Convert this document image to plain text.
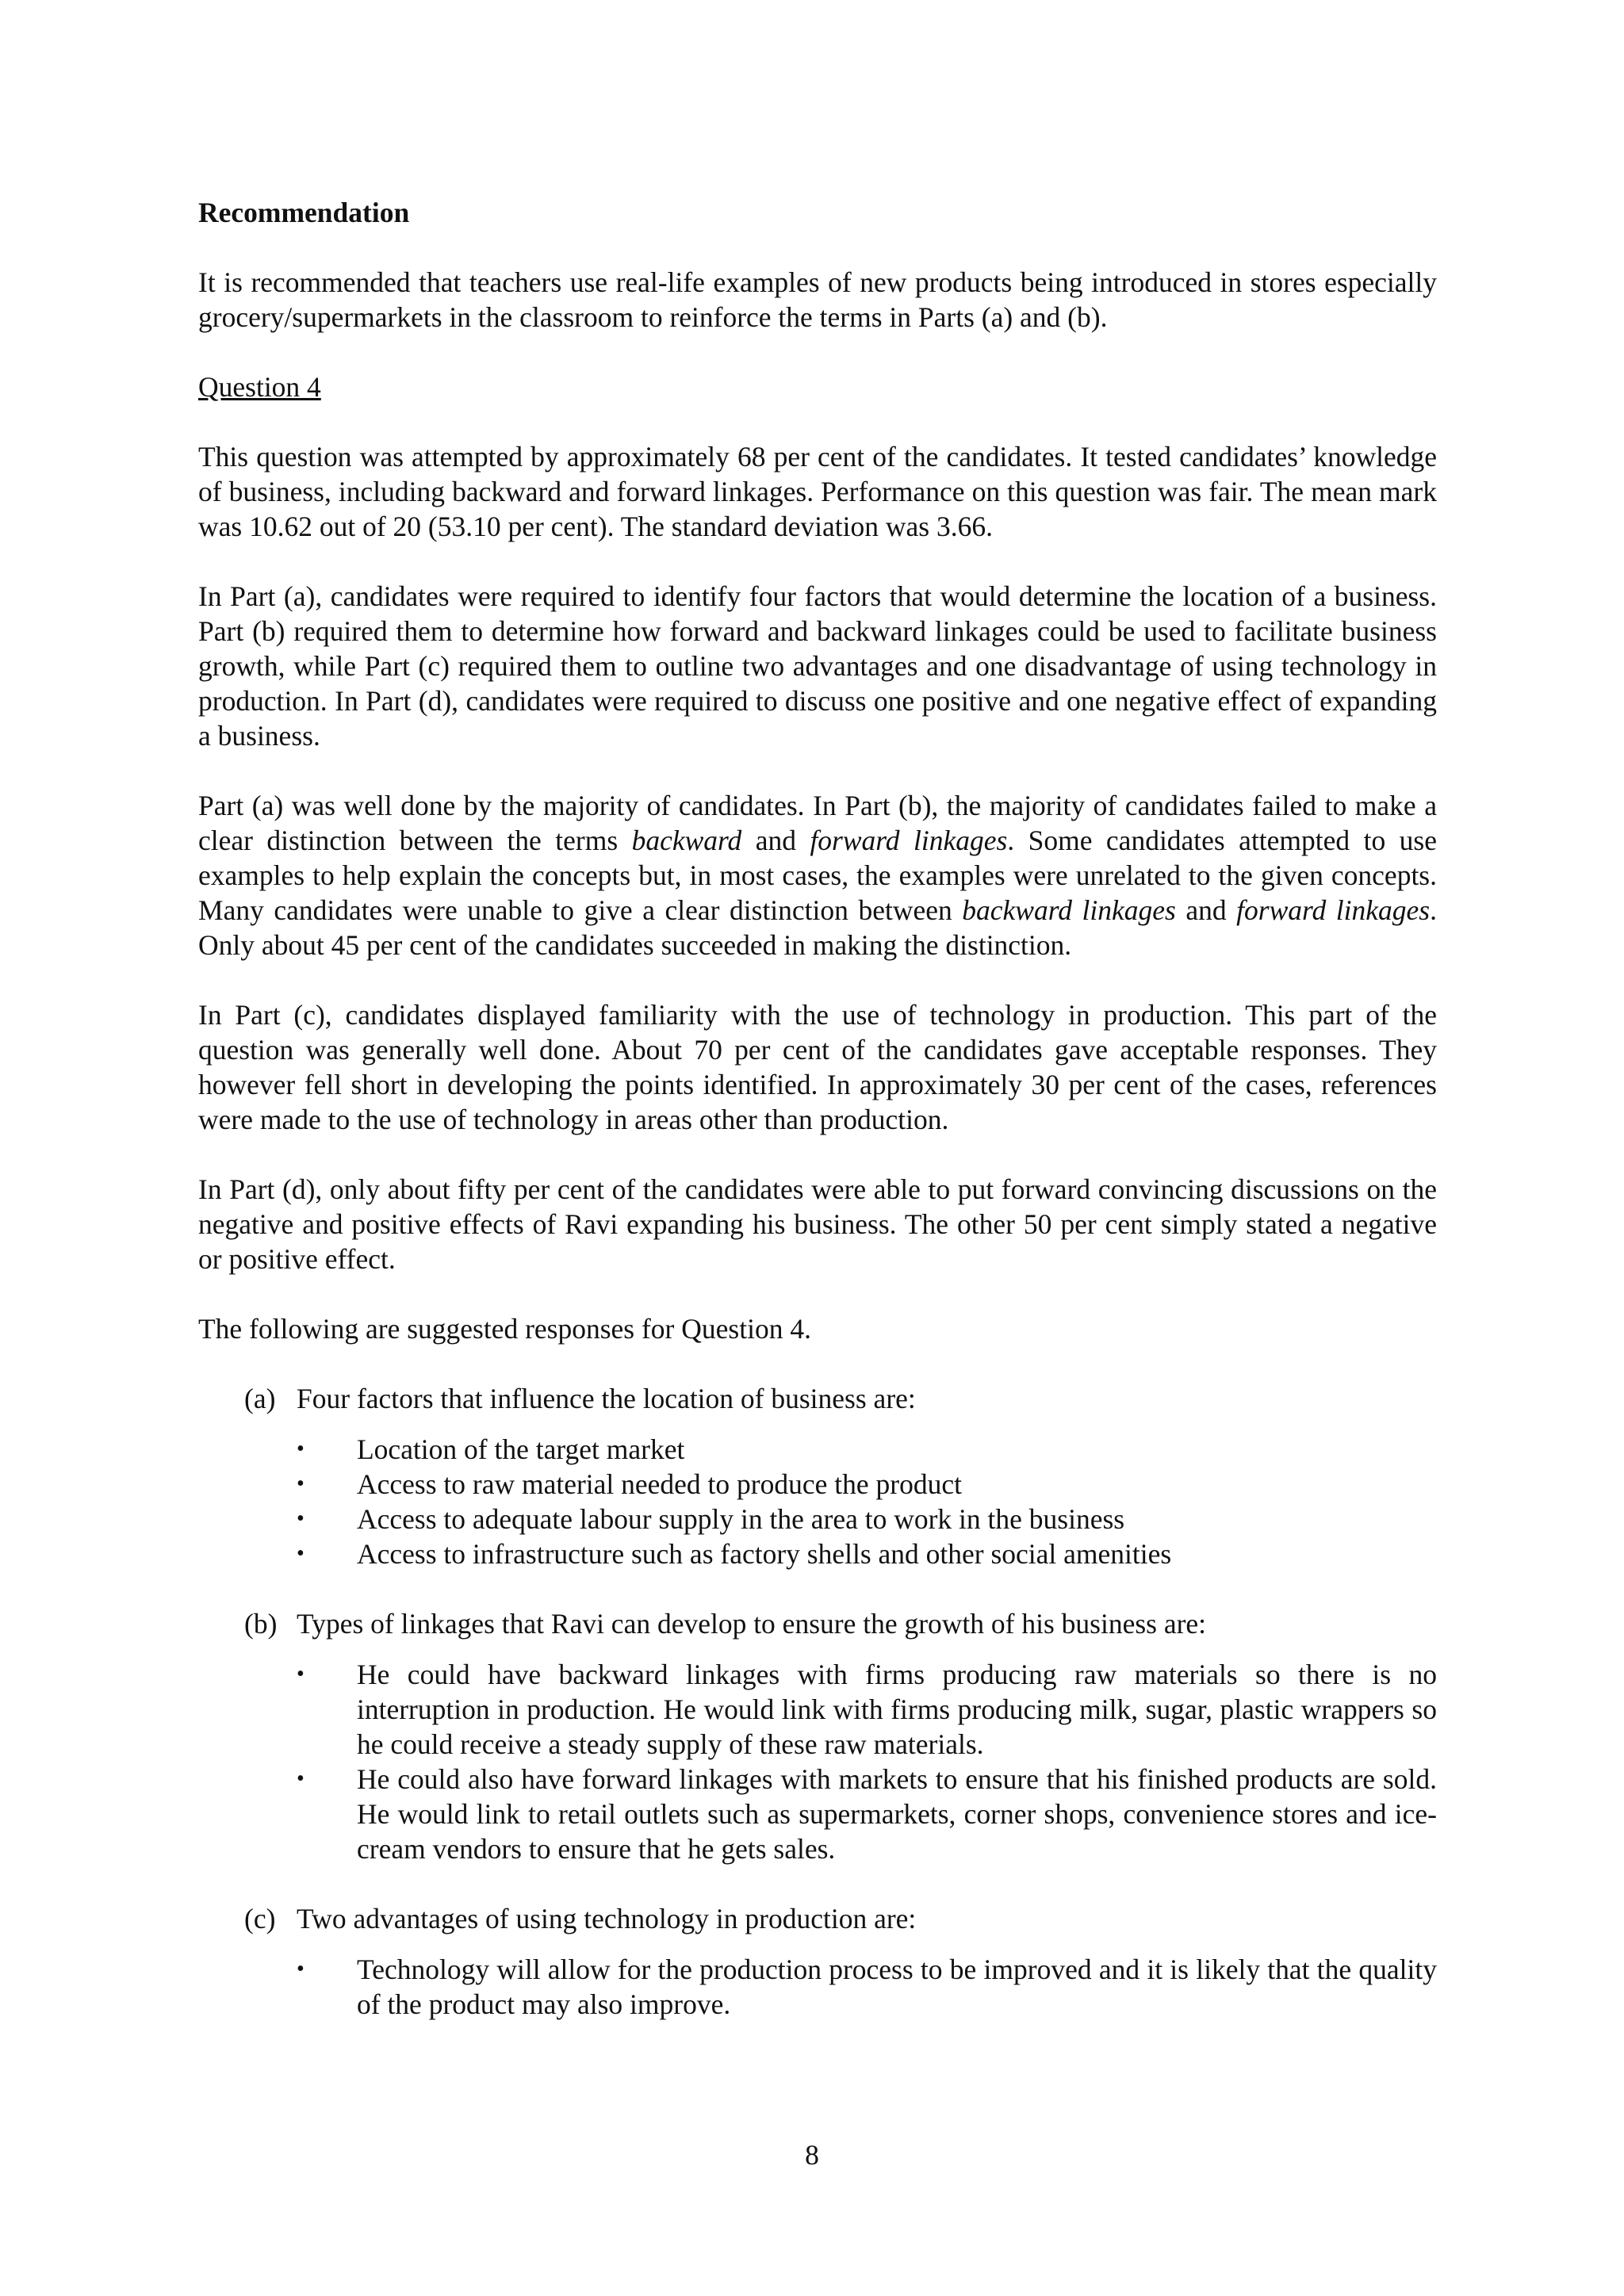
Recommendation
It is recommended that teachers use real-life examples of new products being introduced in stores especially grocery/supermarkets in the classroom to reinforce the terms in Parts (a) and (b).
Question 4
This question was attempted by approximately 68 per cent of the candidates. It tested candidates’ knowledge of business, including backward and forward linkages. Performance on this question was fair. The mean mark was 10.62 out of 20 (53.10 per cent). The standard deviation was 3.66.
In Part (a), candidates were required to identify four factors that would determine the location of a business. Part (b) required them to determine how forward and backward linkages could be used to facilitate business growth, while Part (c) required them to outline two advantages and one disadvantage of using technology in production. In Part (d), candidates were required to discuss one positive and one negative effect of expanding a business.
Part (a) was well done by the majority of candidates. In Part (b), the majority of candidates failed to make a clear distinction between the terms backward and forward linkages. Some candidates attempted to use examples to help explain the concepts but, in most cases, the examples were unrelated to the given concepts. Many candidates were unable to give a clear distinction between backward linkages and forward linkages. Only about 45 per cent of the candidates succeeded in making the distinction.
In Part (c), candidates displayed familiarity with the use of technology in production. This part of the question was generally well done. About 70 per cent of the candidates gave acceptable responses. They however fell short in developing the points identified. In approximately 30 per cent of the cases, references were made to the use of technology in areas other than production.
In Part (d), only about fifty per cent of the candidates were able to put forward convincing discussions on the negative and positive effects of Ravi expanding his business. The other 50 per cent simply stated a negative or positive effect.
The following are suggested responses for Question 4.
(a) Four factors that influence the location of business are:
•	Location of the target market
•	Access to raw material needed to produce the product
•	Access to adequate labour supply in the area to work in the business
•	Access to infrastructure such as factory shells and other social amenities
(b) Types of linkages that Ravi can develop to ensure the growth of his business are:
•	He could have backward linkages with firms producing raw materials so there is no interruption in production. He would link with firms producing milk, sugar, plastic wrappers so he could receive a steady supply of these raw materials.
•	He could also have forward linkages with markets to ensure that his finished products are sold. He would link to retail outlets such as supermarkets, corner shops, convenience stores and ice-cream vendors to ensure that he gets sales.
(c) Two advantages of using technology in production are:
•	Technology will allow for the production process to be improved and it is likely that the quality of the product may also improve.
8
